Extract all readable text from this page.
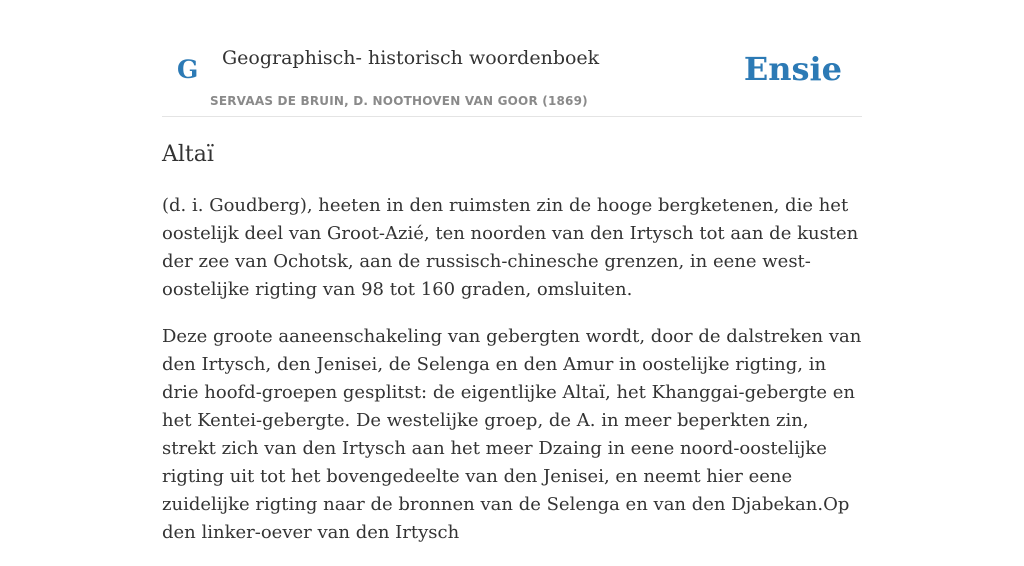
G Geographisch- historisch woordenboek
SERVAAS DE BRUIN, D. NOOTHOVEN VAN GOOR (1869)
Ensie
Altaï

(d. i. Goudberg), heeten in den ruimsten zin de hooge bergketenen, die het oostelijk deel van Groot-Azié, ten noorden van den Irtysch tot aan de kusten der zee van Ochotsk, aan de russisch-chinesche grenzen, in eene west-oostelijke rigting van 98 tot 160 graden, omsluiten.

Deze groote aaneenschakeling van gebergten wordt, door de dalstreken van den Irtysch, den Jenisei, de Selenga en den Amur in oostelijke rigting, in drie hoofd-groepen gesplitst: de eigentlijke Altaï, het Khanggai-gebergte en het Kentei-gebergte. De westelijke groep, de A. in meer beperkten zin, strekt zich van den Irtysch aan het meer Dzaing in eene noord-oostelijke rigting uit tot het bovengedeelte van den Jenisei, en neemt hier eene zuidelijke rigting naar de bronnen van de Selenga en van den Djabekan.Op den linker-oever van den Irtysch
